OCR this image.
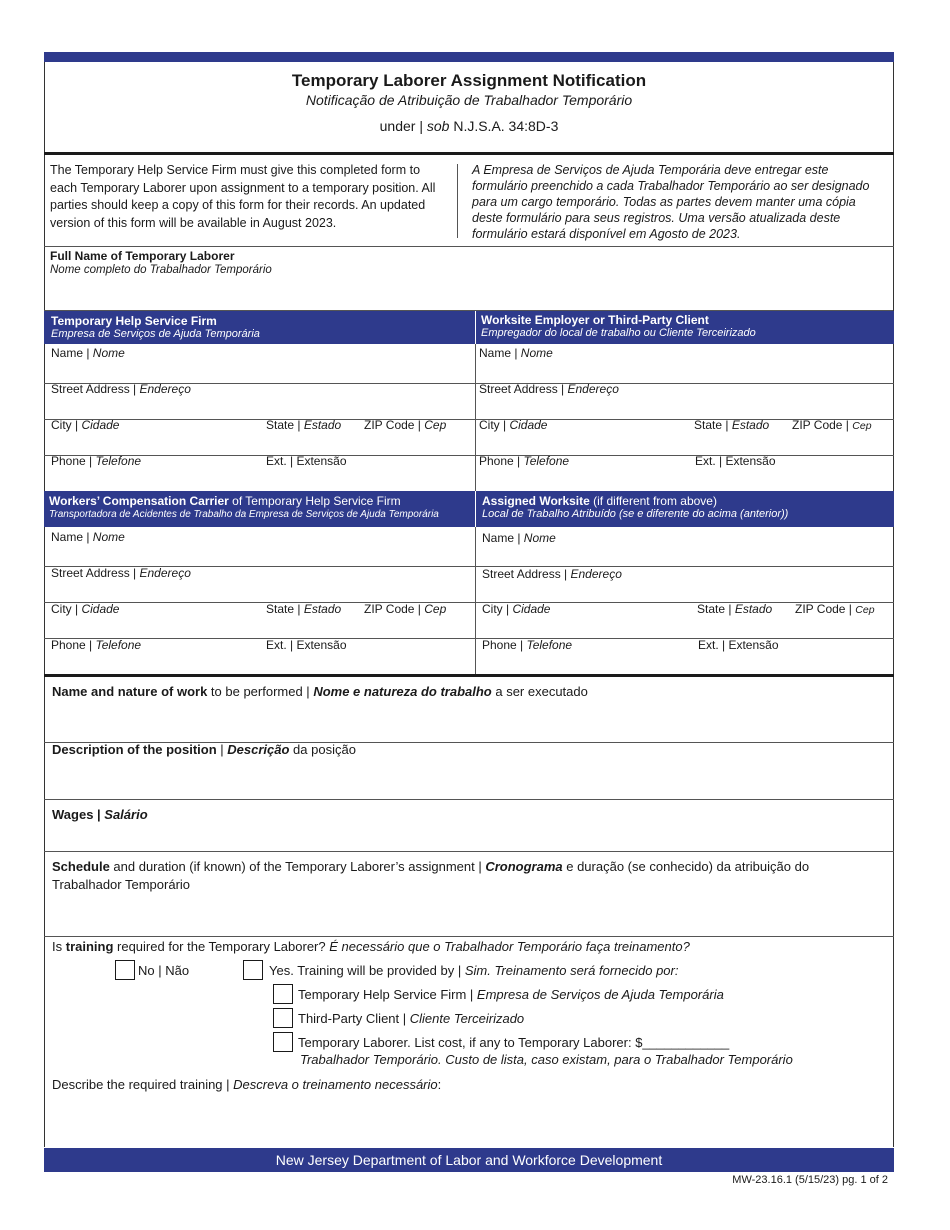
Temporary Laborer Assignment Notification
Notificação de Atribuição de Trabalhador Temporário
under | sob N.J.S.A. 34:8D-3
The Temporary Help Service Firm must give this completed form to each Temporary Laborer upon assignment to a temporary position. All parties should keep a copy of this form for their records. An updated version of this form will be available in August 2023.
A Empresa de Serviços de Ajuda Temporária deve entregar este formulário preenchido a cada Trabalhador Temporário ao ser designado para um cargo temporário. Todas as partes devem manter uma cópia deste formulário para seus registros. Uma versão atualizada deste formulário estará disponível em Agosto de 2023.
Full Name of Temporary Laborer
Nome completo do Trabalhador Temporário
Temporary Help Service Firm
Empresa de Serviços de Ajuda Temporária
Worksite Employer or Third-Party Client
Empregador do local de trabalho ou Cliente Terceirizado
Name | Nome
Street Address | Endereço
City | Cidade	State | Estado ZIP Code | Cep
Phone | Telefone	Ext. | Extensão
Name | Nome
Street Address | Endereço
City | Cidade	State | Estado ZIP Code | Cep
Phone | Telefone	Ext. | Extensão
Workers’ Compensation Carrier of Temporary Help Service Firm
Transportadora de Acidentes de Trabalho da Empresa de Serviços de Ajuda Temporária
Assigned Worksite (if different from above)
Local de Trabalho Atribuído (se e diferente do acima (anterior))
Name | Nome
Street Address | Endereço
City | Cidade	State | Estado ZIP Code | Cep
Phone | Telefone	Ext. | Extensão
Name | Nome
Street Address | Endereço
City | Cidade	State | Estado ZIP Code | Cep
Phone | Telefone	Ext. | Extensão
Name and nature of work to be performed | Nome e natureza do trabalho a ser executado
Description of the position | Descrição da posição
Wages | Salário
Schedule and duration (if known) of the Temporary Laborer’s assignment | Cronograma e duração (se conhecido) da atribuição do Trabalhador Temporário
Is training required for the Temporary Laborer? É necessário que o Trabalhador Temporário faça treinamento?
No | Não	Yes. Training will be provided by | Sim. Treinamento será fornecido por:
Temporary Help Service Firm | Empresa de Serviços de Ajuda Temporária
Third-Party Client | Cliente Terceirizado
Temporary Laborer. List cost, if any to Temporary Laborer: $____________
Trabalhador Temporário. Custo de lista, caso existam, para o Trabalhador Temporário
Describe the required training | Descreva o treinamento necessário:
New Jersey Department of Labor and Workforce Development
MW-23.16.1 (5/15/23) pg. 1 of 2
